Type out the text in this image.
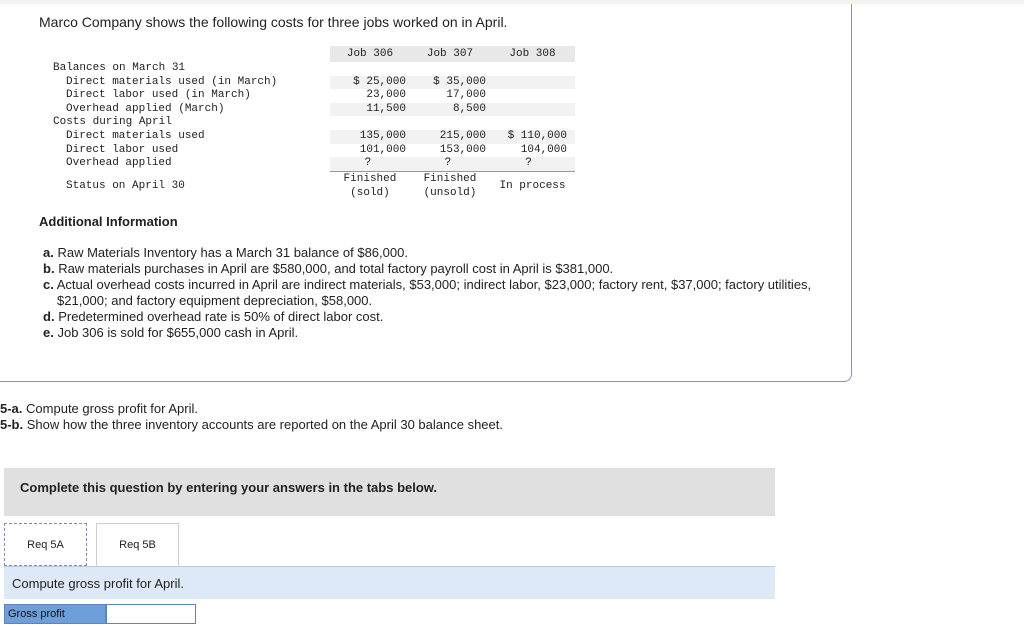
Marco Company shows the following costs for three jobs worked on in April.
	Job 306	Job 307	Job 308
Balances on March 31			
Direct materials used (in March)	$ 25,000	$ 35,000	
Direct labor used (in March)	23,000	17,000	
Overhead applied (March)	11,500	8,500	
Costs during April			
Direct materials used	135,000	215,000	$ 110,000
Direct labor used	101,000	153,000	104,000
Overhead applied	?	?	?
Status on April 30	Finished	Finished	In process
	(sold)	(unsold)	
Additional Information
a. Raw Materials Inventory has a March 31 balance of $86,000.
b. Raw materials purchases in April are $580,000, and total factory payroll cost in April is $381,000.
c. Actual overhead costs incurred in April are indirect materials, $53,000; indirect labor, $23,000; factory rent, $37,000; factory utilities, $21,000; and factory equipment depreciation, $58,000.
d. Predetermined overhead rate is 50% of direct labor cost.
e. Job 306 is sold for $655,000 cash in April.
5-a. Compute gross profit for April.
5-b. Show how the three inventory accounts are reported on the April 30 balance sheet.
Complete this question by entering your answers in the tabs below.
Req 5A	Req 5B
Compute gross profit for April.
Gross profit
